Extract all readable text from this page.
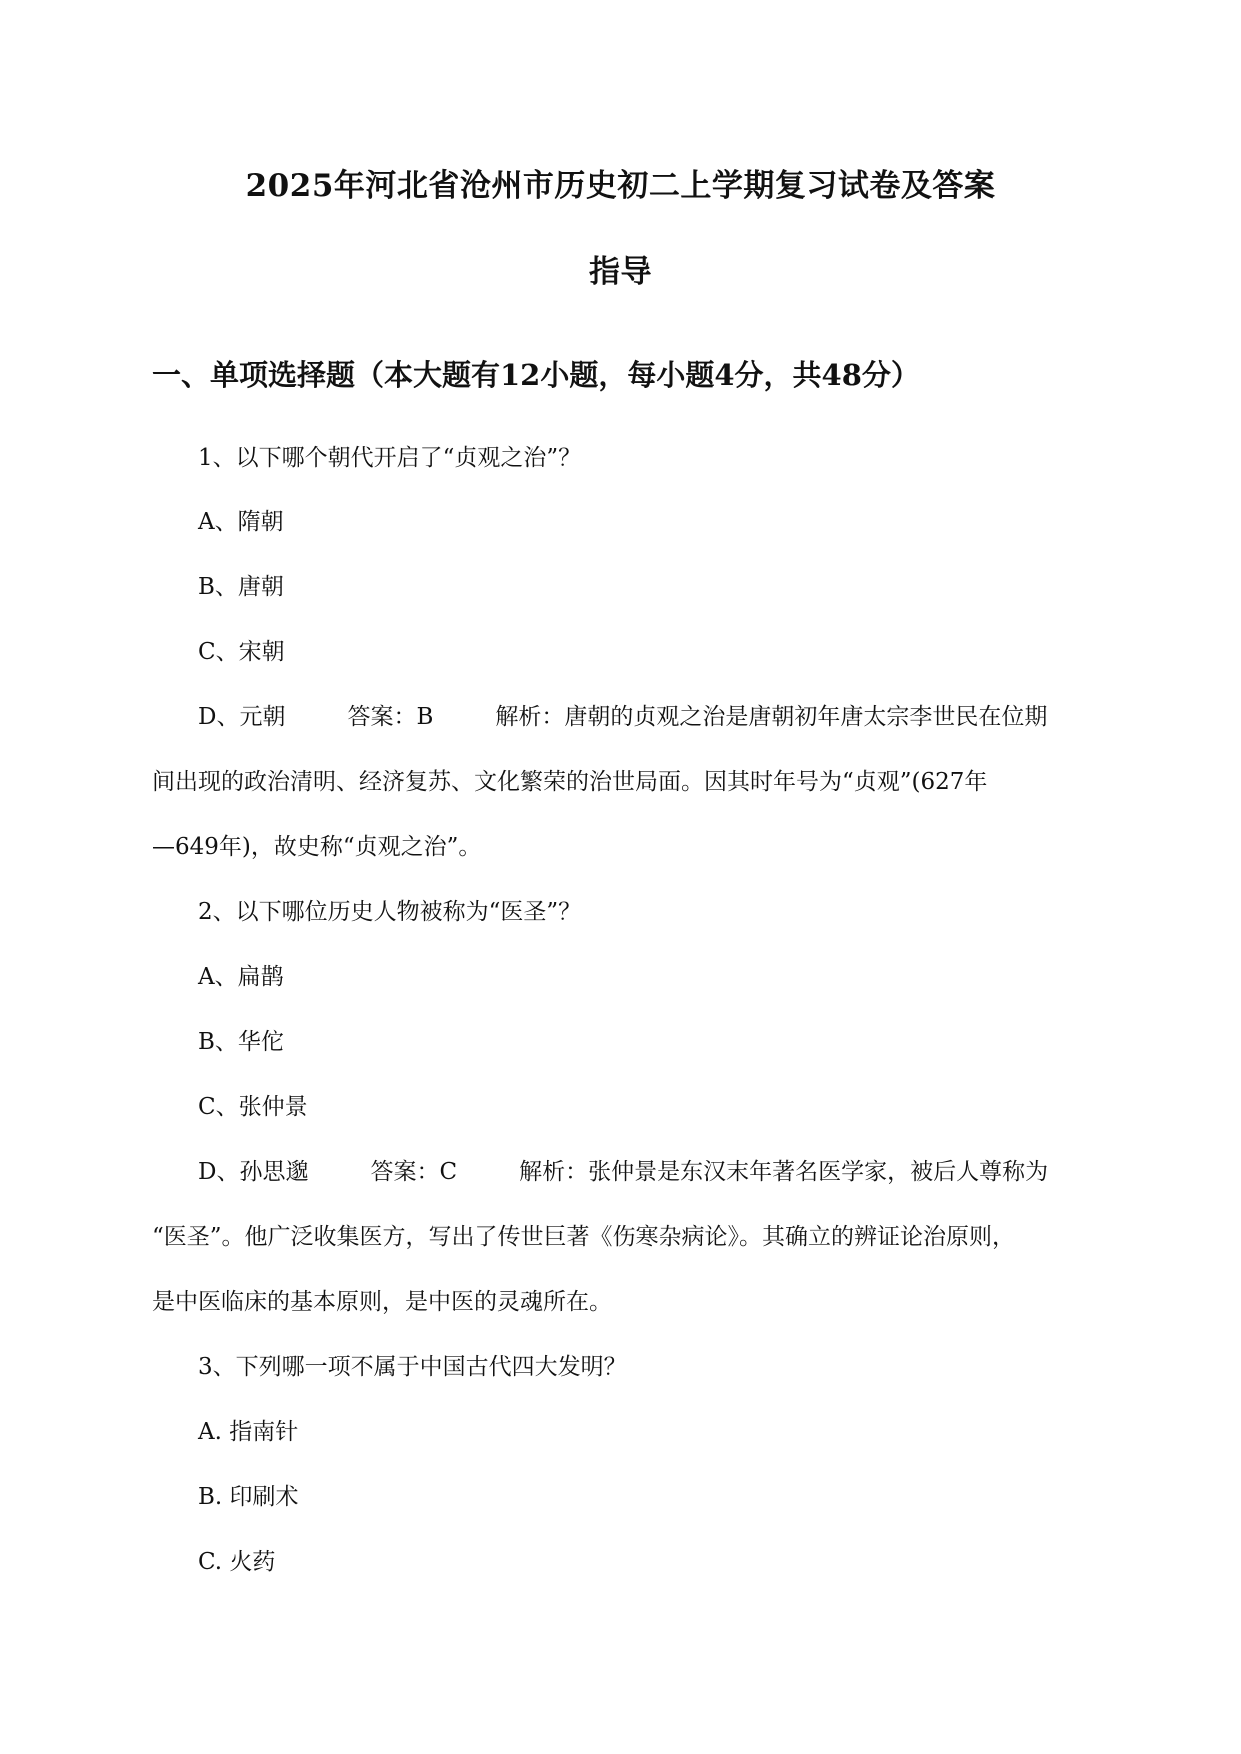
2025年河北省沧州市历史初二上学期复习试卷及答案
指导
一、单项选择题（本大题有12小题，每小题4分，共48分）
1、以下哪个朝代开启了“贞观之治”？
A、隋朝
B、唐朝
C、宋朝
D、元朝	答案：B	解析：唐朝的贞观之治是唐朝初年唐太宗李世民在位期
间出现的政治清明、经济复苏、文化繁荣的治世局面。因其时年号为“贞观”(627年
—649年)，故史称“贞观之治”。
2、以下哪位历史人物被称为“医圣”？
A、扁鹊
B、华佗
C、张仲景
D、孙思邈	答案：C	解析：张仲景是东汉末年著名医学家，被后人尊称为
“医圣”。他广泛收集医方，写出了传世巨著《伤寒杂病论》。其确立的辨证论治原则，
是中医临床的基本原则，是中医的灵魂所在。
3、下列哪一项不属于中国古代四大发明？
A. 指南针
B. 印刷术
C. 火药
